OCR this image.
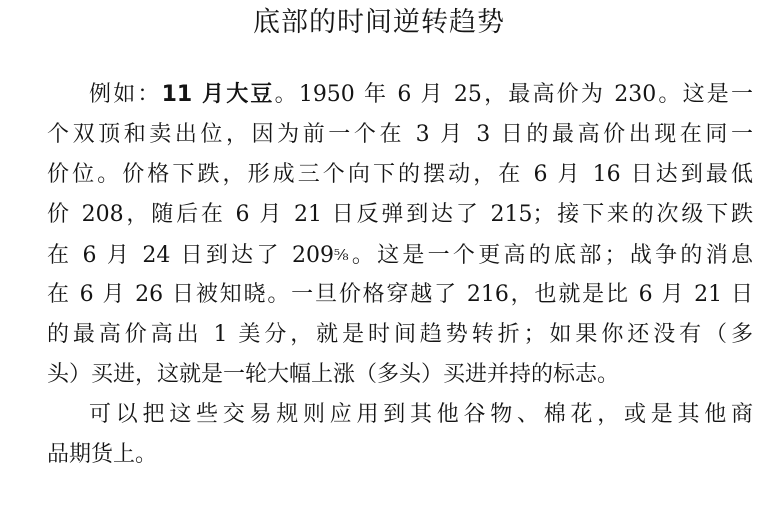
底部的时间逆转趋势
例如：11 月大豆。1950 年 6 月 25，最高价为 230。这是一
个双顶和卖出位，因为前一个在 3 月 3 日的最高价出现在同一
价位。价格下跌，形成三个向下的摆动，在 6 月 16 日达到最低
价 208，随后在 6 月 21 日反弹到达了 215；接下来的次级下跌
在 6 月 24 日到达了 209⅝。这是一个更高的底部；战争的消息
在 6 月 26 日被知晓。一旦价格穿越了 216，也就是比 6 月 21 日
的最高价高出 1 美分，就是时间趋势转折；如果你还没有（多
头）买进，这就是一轮大幅上涨（多头）买进并持的标志。
可以把这些交易规则应用到其他谷物、棉花，或是其他商
品期货上。
